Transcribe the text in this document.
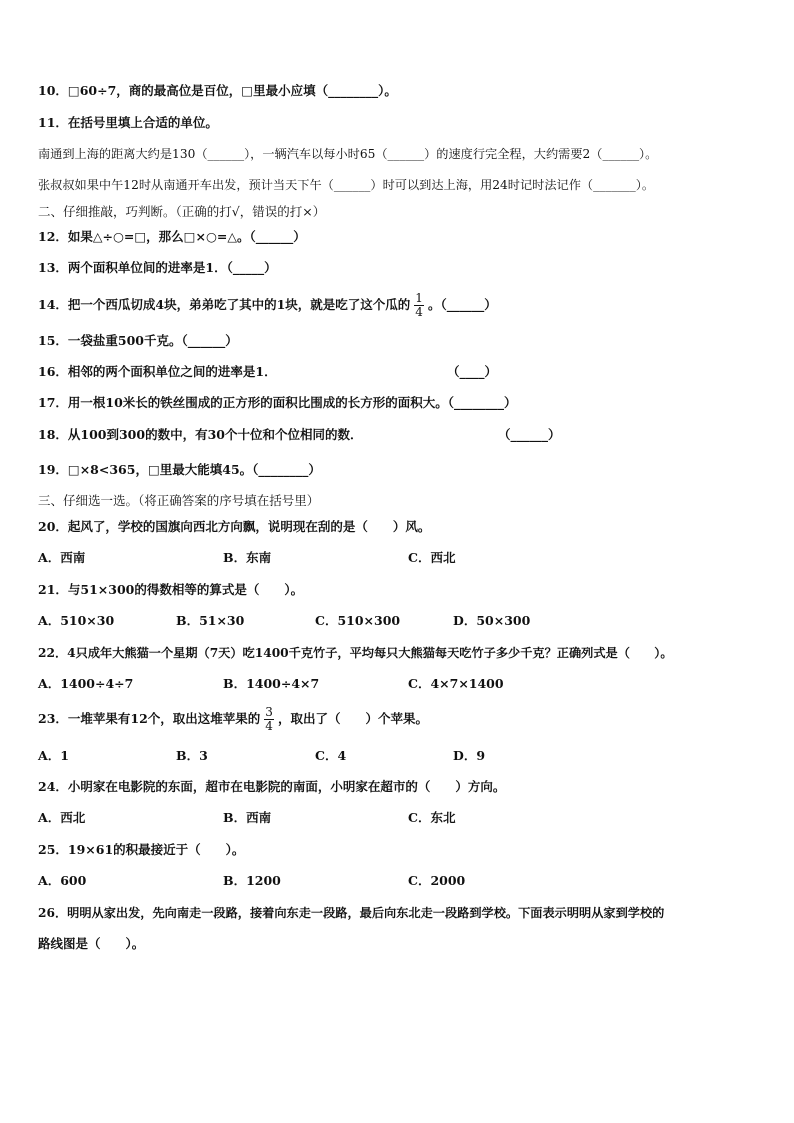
10．□60÷7，商的最高位是百位，□里最小应填（________）。
11．在括号里填上合适的单位。
南通到上海的距离大约是130（______），一辆汽车以每小时65（______）的速度行完全程，大约需要2（______）。
张叔叔如果中午12时从南通开车出发，预计当天下午（______）时可以到达上海，用24时记时法记作（_______）。
二、仔细推敲，巧判断。（正确的打√，错误的打×）
12．如果△÷○=□，那么□×○=△。（______）
13．两个面积单位间的进率是1．（_____）
14．把一个西瓜切成4块，弟弟吃了其中的1块，就是吃了这个瓜的 $\frac{1}{4}$ 。（______）
15．一袋盐重500千克。（______）
16．相邻的两个面积单位之间的进率是1．	（____）
17．用一根10米长的铁丝围成的正方形的面积比围成的长方形的面积大。（________）
18．从100到300的数中，有30个十位和个位相同的数．	（______）
19．□×8<365，□里最大能填45。（________）
三、仔细选一选。（将正确答案的序号填在括号里）
20．起风了，学校的国旗向西北方向飘，说明现在刮的是（　　）风。
A．西南	B．东南	C．西北
21．与51×300的得数相等的算式是（　　）。
A．510×30	B．51×30	C．510×300	D．50×300
22．4只成年大熊猫一个星期（7天）吃1400千克竹子，平均每只大熊猫每天吃竹子多少千克？正确列式是（　　）。
A．1400÷4÷7	B．1400÷4×7	C．4×7×1400
23．一堆苹果有12个，取出这堆苹果的 $\frac{3}{4}$ ，取出了（　　）个苹果。
A．1	B．3	C．4	D．9
24．小明家在电影院的东面，超市在电影院的南面，小明家在超市的（　　）方向。
A．西北	B．西南	C．东北
25．19×61的积最接近于（　　）。
A．600	B．1200	C．2000
26．明明从家出发，先向南走一段路，接着向东走一段路，最后向东北走一段路到学校。下面表示明明从家到学校的
路线图是（　　）。
